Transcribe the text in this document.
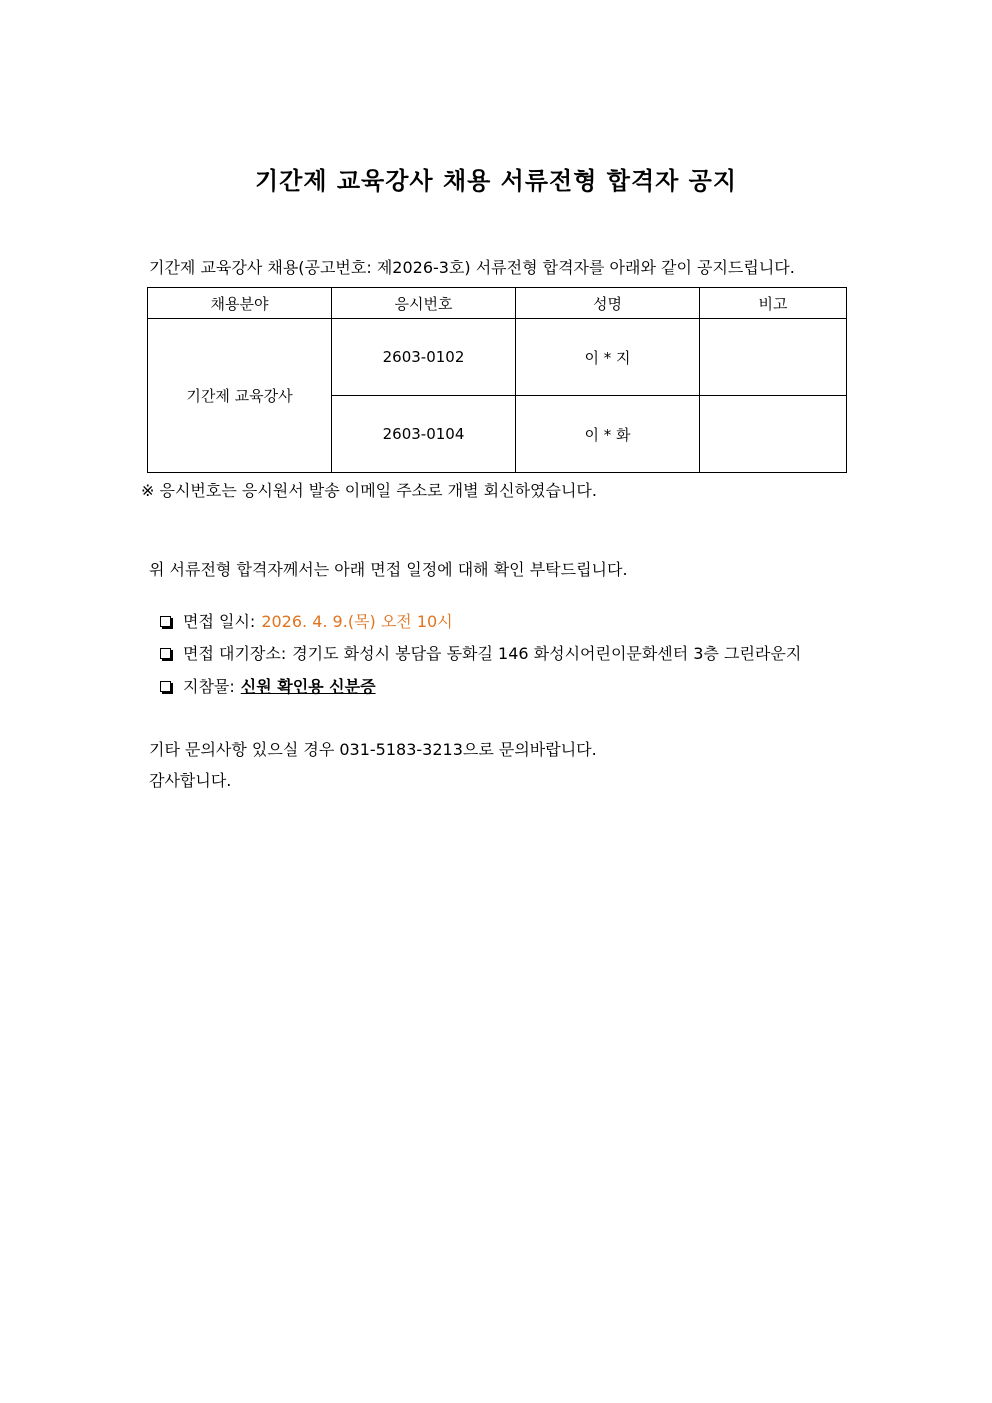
기간제 교육강사 채용 서류전형 합격자 공지
기간제 교육강사 채용(공고번호: 제2026-3호) 서류전형 합격자를 아래와 같이 공지드립니다.
채용분야	응시번호	성명	비고
기간제 교육강사	2603-0102	이 * 지	
	2603-0104	이 * 화	
※ 응시번호는 응시원서 발송 이메일 주소로 개별 회신하였습니다.
위 서류전형 합격자께서는 아래 면접 일정에 대해 확인 부탁드립니다.
면접 일시: 2026. 4. 9.(목) 오전 10시
면접 대기장소: 경기도 화성시 봉담읍 동화길 146 화성시어린이문화센터 3층 그린라운지
지참물: 신원 확인용 신분증
기타 문의사항 있으실 경우 031-5183-3213으로 문의바랍니다.
감사합니다.
